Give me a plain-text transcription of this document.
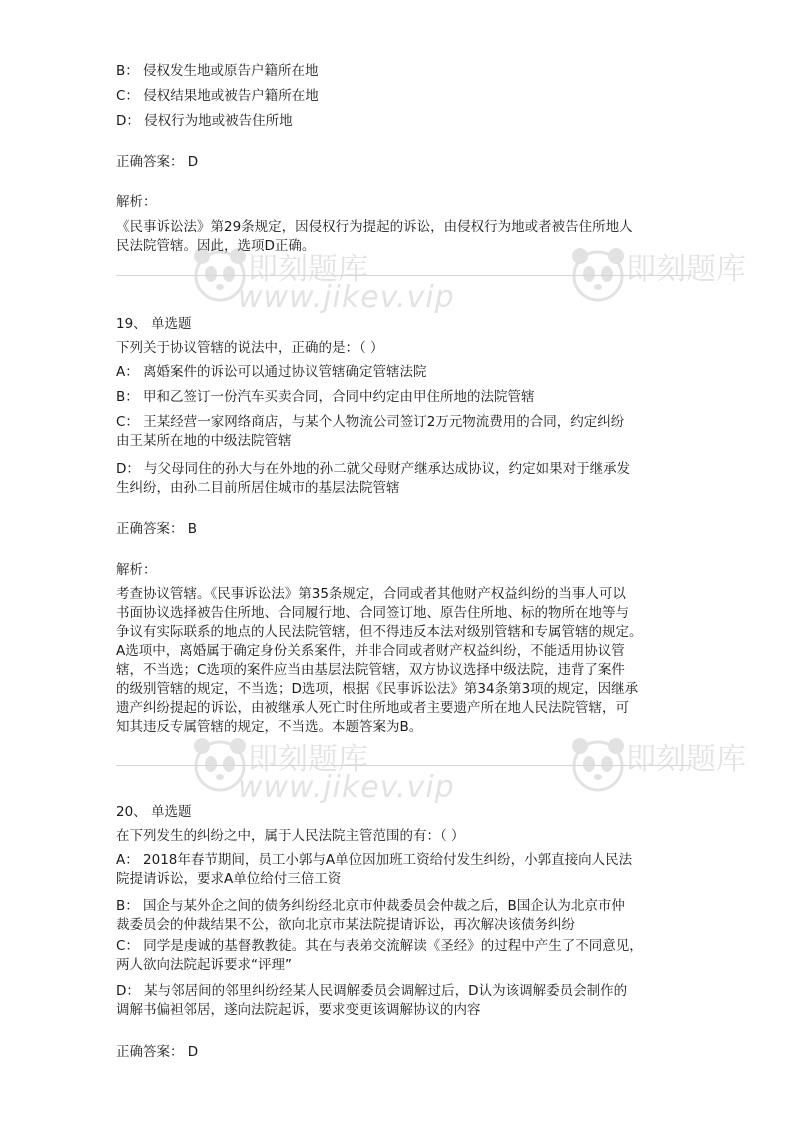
即刻题库
www.jikev.vip
即刻题库
即刻题库
www.jikev.vip
即刻题库
B： 侵权发生地或原告户籍所在地
C： 侵权结果地或被告户籍所在地
D： 侵权行为地或被告住所地
正确答案： D
解析：
《民事诉讼法》第29条规定，因侵权行为提起的诉讼，由侵权行为地或者被告住所地人
民法院管辖。因此，选项D正确。
19、 单选题
下列关于协议管辖的说法中，正确的是：（ ）
A： 离婚案件的诉讼可以通过协议管辖确定管辖法院
B： 甲和乙签订一份汽车买卖合同，合同中约定由甲住所地的法院管辖
C： 王某经营一家网络商店，与某个人物流公司签订2万元物流费用的合同，约定纠纷
由王某所在地的中级法院管辖
D： 与父母同住的孙大与在外地的孙二就父母财产继承达成协议，约定如果对于继承发
生纠纷，由孙二目前所居住城市的基层法院管辖
正确答案： B
解析：
考查协议管辖。《民事诉讼法》第35条规定，合同或者其他财产权益纠纷的当事人可以
书面协议选择被告住所地、合同履行地、合同签订地、原告住所地、标的物所在地等与
争议有实际联系的地点的人民法院管辖，但不得违反本法对级别管辖和专属管辖的规定。
A选项中，离婚属于确定身份关系案件，并非合同或者财产权益纠纷，不能适用协议管
辖，不当选；C选项的案件应当由基层法院管辖，双方协议选择中级法院，违背了案件
的级别管辖的规定，不当选；D选项，根据《民事诉讼法》第34条第3项的规定，因继承
遗产纠纷提起的诉讼，由被继承人死亡时住所地或者主要遗产所在地人民法院管辖，可
知其违反专属管辖的规定，不当选。本题答案为B。
20、 单选题
在下列发生的纠纷之中，属于人民法院主管范围的有：（ ）
A： 2018年春节期间，员工小郭与A单位因加班工资给付发生纠纷，小郭直接向人民法
院提请诉讼，要求A单位给付三倍工资
B： 国企与某外企之间的债务纠纷经北京市仲裁委员会仲裁之后，B国企认为北京市仲
裁委员会的仲裁结果不公，欲向北京市某法院提请诉讼，再次解决该债务纠纷
C： 同学是虔诚的基督教教徒。其在与表弟交流解读《圣经》的过程中产生了不同意见，
两人欲向法院起诉要求“评理”
D： 某与邻居间的邻里纠纷经某人民调解委员会调解过后，D认为该调解委员会制作的
调解书偏袒邻居，遂向法院起诉，要求变更该调解协议的内容
正确答案： D
